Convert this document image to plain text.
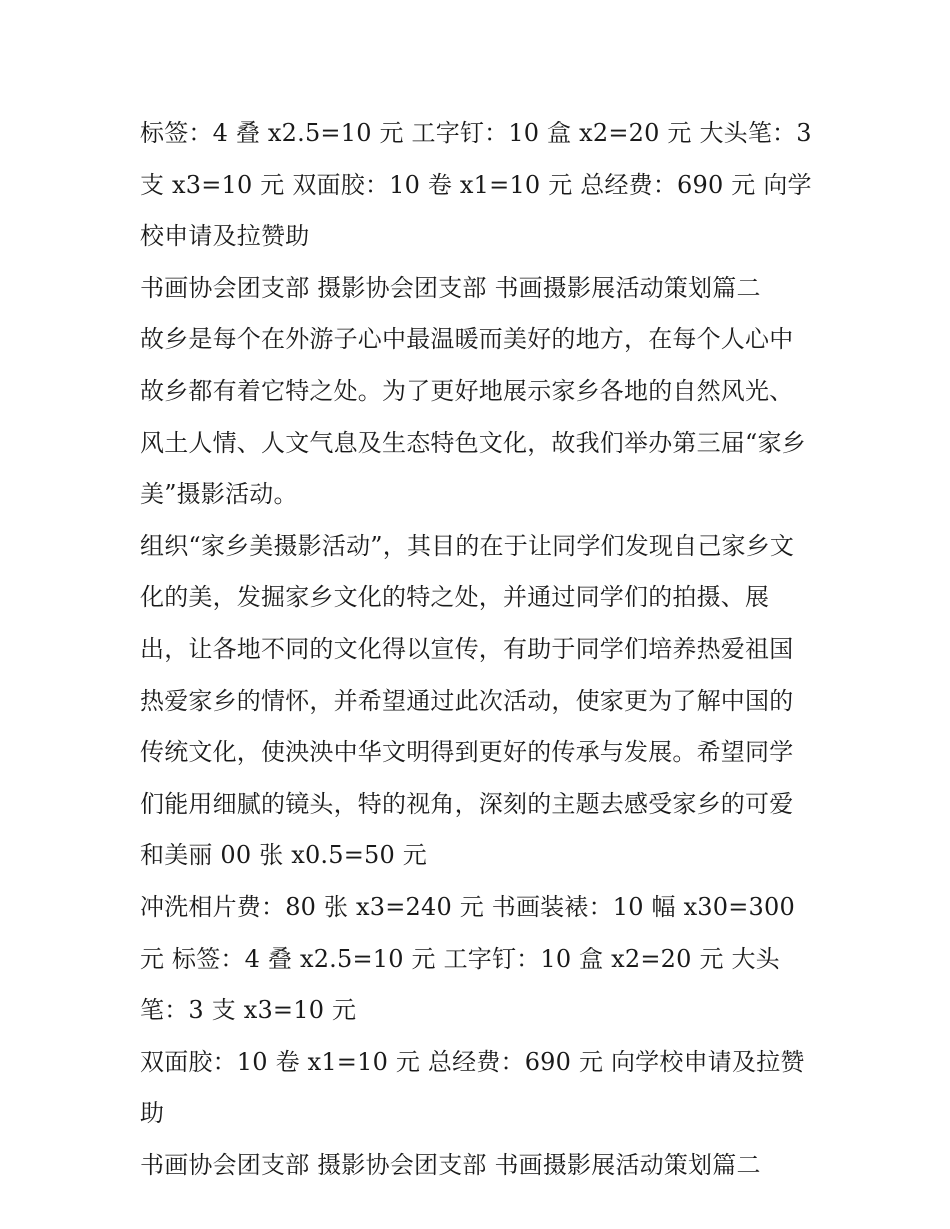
标签：4 叠 x2.5=10 元 工字钉：10 盒 x2=20 元 大头笔：3 支 x3=10 元 双面胶：10 卷 x1=10 元 总经费：690 元 向学校申请及拉赞助

书画协会团支部 摄影协会团支部 书画摄影展活动策划篇二

故乡是每个在外游子心中最温暖而美好的地方，在每个人心中故乡都有着它特之处。为了更好地展示家乡各地的自然风光、风土人情、人文气息及生态特色文化，故我们举办第三届“家乡美”摄影活动。

组织“家乡美摄影活动”，其目的在于让同学们发现自己家乡文化的美，发掘家乡文化的特之处，并通过同学们的拍摄、展出，让各地不同的文化得以宣传，有助于同学们培养热爱祖国热爱家乡的情怀，并希望通过此次活动，使家更为了解中国的传统文化，使泱泱中华文明得到更好的传承与发展。希望同学们能用细腻的镜头，特的视角，深刻的主题去感受家乡的可爱和美丽 00 张 x0.5=50 元

冲洗相片费：80 张 x3=240 元 书画装裱：10 幅 x30=300 元 标签：4 叠 x2.5=10 元 工字钉：10 盒 x2=20 元 大头笔：3 支 x3=10 元

双面胶：10 卷 x1=10 元 总经费：690 元 向学校申请及拉赞助

书画协会团支部 摄影协会团支部 书画摄影展活动策划篇二
